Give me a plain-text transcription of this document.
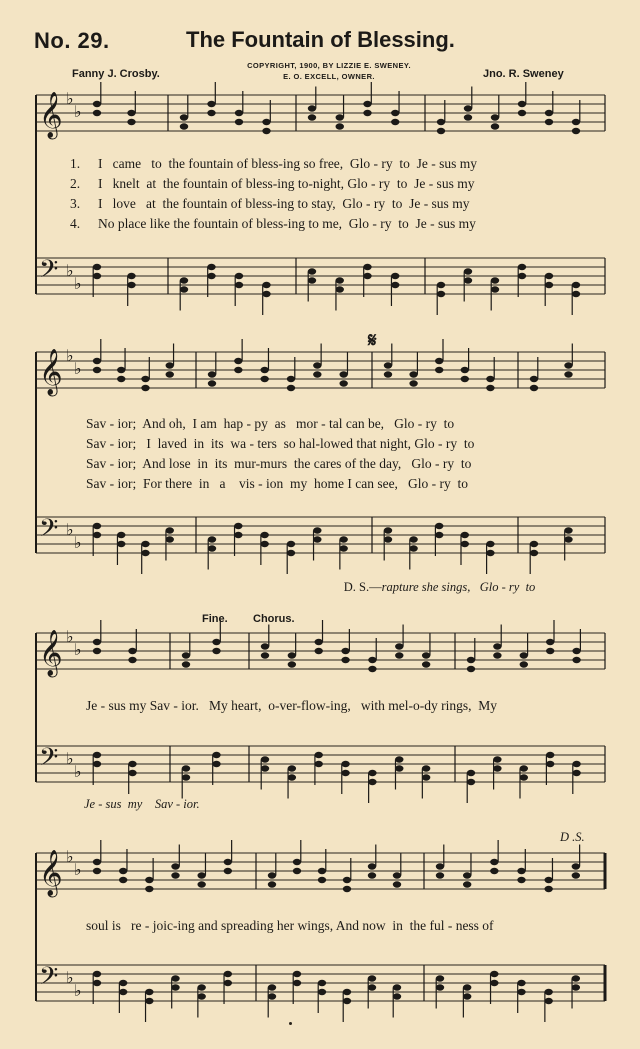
No. 29.	The Fountain of Blessing.
Fanny J. Crosby.
COPYRIGHT, 1900, BY LIZZIE E. SWENEY.
E. O. EXCELL, OWNER.	Jno. R. Sweney
𝄞 ♭
♭
𝄢 ♭
♭
1. I   came   to  the fountain of bless-ing so free,  Glo - ry  to  Je - sus my
2. I   knelt  at  the fountain of bless-ing to-night, Glo - ry  to  Je - sus my
3. I   love   at  the fountain of bless-ing to stay,  Glo - ry  to  Je - sus my
4. No place like the fountain of bless-ing to me,  Glo - ry  to  Je - sus my
𝄞 ♭
♭
𝄢 ♭
♭
𝄋
Sav - ior;  And oh,  I am  hap - py  as   mor - tal can be,   Glo - ry  to
Sav - ior;   I  laved  in  its  wa - ters  so hal-lowed that night, Glo - ry  to
Sav - ior;  And lose  in  its  mur-murs  the cares of the day,   Glo - ry  to
Sav - ior;  For there  in   a    vis - ion  my  home I can see,   Glo - ry  to

D. S.—rapture she sings,   Glo - ry  to

𝄞 ♭
♭
𝄢 ♭
♭
Fine. Chorus.
Je - sus my Sav - ior.   My heart,  o-ver-flow-ing,   with mel-o-dy rings,  My
Je - sus  my    Sav - ior.
𝄞 ♭
♭
𝄢 ♭
♭
D .S.
soul is   re - joic-ing and spreading her wings, And now  in  the ful - ness of
